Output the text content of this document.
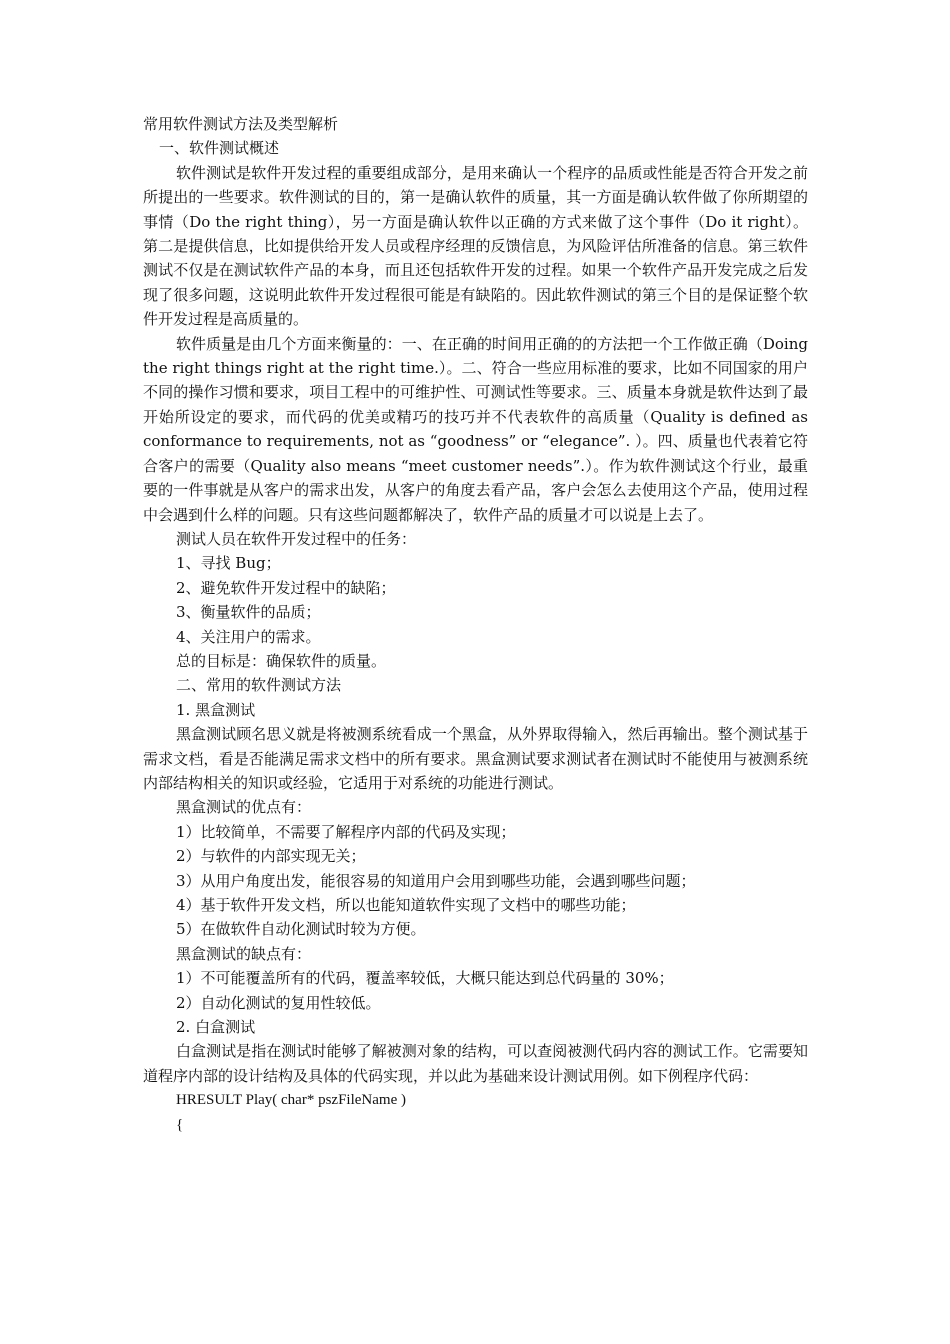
常用软件测试方法及类型解析

一、软件测试概述

软件测试是软件开发过程的重要组成部分，是用来确认一个程序的品质或性能是否符合开发之前所提出的一些要求。软件测试的目的，第一是确认软件的质量，其一方面是确认软件做了你所期望的事情（Do the right thing），另一方面是确认软件以正确的方式来做了这个事件（Do it right）。第二是提供信息，比如提供给开发人员或程序经理的反馈信息，为风险评估所准备的信息。第三软件测试不仅是在测试软件产品的本身，而且还包括软件开发的过程。如果一个软件产品开发完成之后发现了很多问题，这说明此软件开发过程很可能是有缺陷的。因此软件测试的第三个目的是保证整个软件开发过程是高质量的。

软件质量是由几个方面来衡量的：一、在正确的时间用正确的的方法把一个工作做正确（Doing the right things right at the right time.）。二、符合一些应用标准的要求，比如不同国家的用户不同的操作习惯和要求，项目工程中的可维护性、可测试性等要求。三、质量本身就是软件达到了最开始所设定的要求，而代码的优美或精巧的技巧并不代表软件的高质量（Quality is defined as conformance to requirements, not as “goodness” or “elegance”. ）。四、质量也代表着它符合客户的需要（Quality also means “meet customer needs”.）。作为软件测试这个行业，最重要的一件事就是从客户的需求出发，从客户的角度去看产品，客户会怎么去使用这个产品，使用过程中会遇到什么样的问题。只有这些问题都解决了，软件产品的质量才可以说是上去了。

测试人员在软件开发过程中的任务：

1、寻找 Bug；

2、避免软件开发过程中的缺陷；

3、衡量软件的品质；

4、关注用户的需求。

总的目标是：确保软件的质量。

二、常用的软件测试方法

1. 黑盒测试

黑盒测试顾名思义就是将被测系统看成一个黑盒，从外界取得输入，然后再输出。整个测试基于需求文档，看是否能满足需求文档中的所有要求。黑盒测试要求测试者在测试时不能使用与被测系统内部结构相关的知识或经验，它适用于对系统的功能进行测试。

黑盒测试的优点有：

1）比较简单，不需要了解程序内部的代码及实现；

2）与软件的内部实现无关；

3）从用户角度出发，能很容易的知道用户会用到哪些功能，会遇到哪些问题；

4）基于软件开发文档，所以也能知道软件实现了文档中的哪些功能；

5）在做软件自动化测试时较为方便。

黑盒测试的缺点有：

1）不可能覆盖所有的代码，覆盖率较低，大概只能达到总代码量的 30%；

2）自动化测试的复用性较低。

2. 白盒测试

白盒测试是指在测试时能够了解被测对象的结构，可以查阅被测代码内容的测试工作。它需要知道程序内部的设计结构及具体的代码实现，并以此为基础来设计测试用例。如下例程序代码：

HRESULT Play( char* pszFileName )

{
